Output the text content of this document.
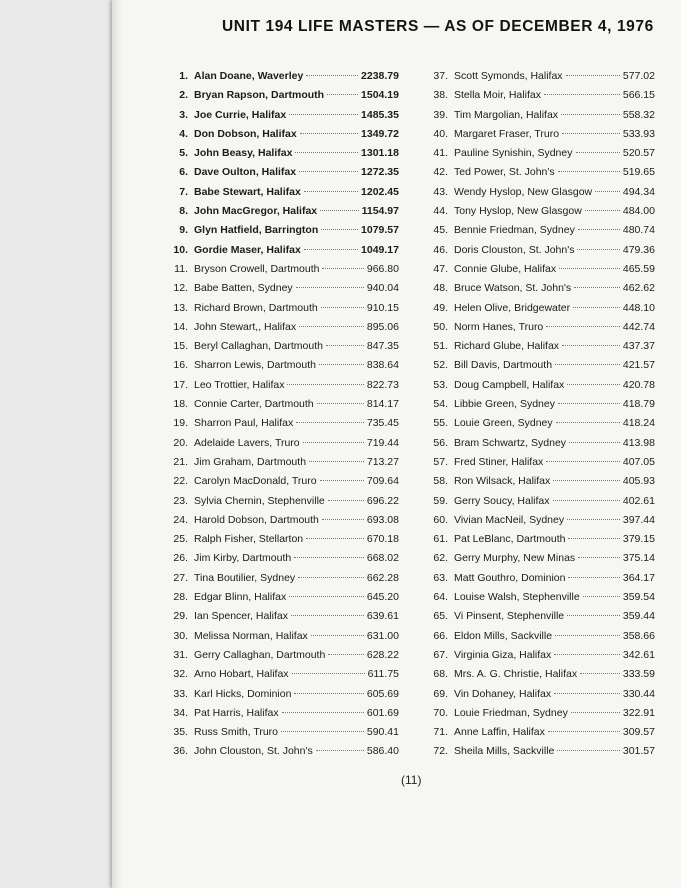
UNIT 194 LIFE MASTERS — AS OF DECEMBER 4, 1976
1. Alan Doane, Waverley	2238.79
2. Bryan Rapson, Dartmouth	1504.19
3. Joe Currie, Halifax	1485.35
4. Don Dobson, Halifax	1349.72
5. John Beasy, Halifax	1301.18
6. Dave Oulton, Halifax	1272.35
7. Babe Stewart, Halifax	1202.45
8. John MacGregor, Halifax	1154.97
9. Glyn Hatfield, Barrington	1079.57
10. Gordie Maser, Halifax	1049.17
11. Bryson Crowell, Dartmouth	966.80
12. Babe Batten, Sydney	940.04
13. Richard Brown, Dartmouth	910.15
14. John Stewart,, Halifax	895.06
15. Beryl Callaghan, Dartmouth	847.35
16. Sharron Lewis, Dartmouth	838.64
17. Leo Trottier, Halifax	822.73
18. Connie Carter, Dartmouth	814.17
19. Sharron Paul, Halifax	735.45
20. Adelaide Lavers, Truro	719.44
21. Jim Graham, Dartmouth	713.27
22. Carolyn MacDonald, Truro	709.64
23. Sylvia Chernin, Stephenville	696.22
24. Harold Dobson, Dartmouth	693.08
25. Ralph Fisher, Stellarton	670.18
26. Jim Kirby, Dartmouth	668.02
27. Tina Boutilier, Sydney	662.28
28. Edgar Blinn, Halifax	645.20
29. Ian Spencer, Halifax	639.61
30. Melissa Norman, Halifax	631.00
31. Gerry Callaghan, Dartmouth	628.22
32. Arno Hobart, Halifax	611.75
33. Karl Hicks, Dominion	605.69
34. Pat Harris, Halifax	601.69
35. Russ Smith, Truro	590.41
36. John Clouston, St. John's	586.40
37. Scott Symonds, Halifax	577.02
38. Stella Moir, Halifax	566.15
39. Tim Margolian, Halifax	558.32
40. Margaret Fraser, Truro	533.93
41. Pauline Synishin, Sydney	520.57
42. Ted Power, St. John's	519.65
43. Wendy Hyslop, New Glasgow	494.34
44. Tony Hyslop, New Glasgow	484.00
45. Bennie Friedman, Sydney	480.74
46. Doris Clouston, St. John's	479.36
47. Connie Glube, Halifax	465.59
48. Bruce Watson, St. John's	462.62
49. Helen Olive, Bridgewater	448.10
50. Norm Hanes, Truro	442.74
51. Richard Glube, Halifax	437.37
52. Bill Davis, Dartmouth	421.57
53. Doug Campbell, Halifax	420.78
54. Libbie Green, Sydney	418.79
55. Louie Green, Sydney	418.24
56. Bram Schwartz, Sydney	413.98
57. Fred Stiner, Halifax	407.05
58. Ron Wilsack, Halifax	405.93
59. Gerry Soucy, Halifax	402.61
60. Vivian MacNeil, Sydney	397.44
61. Pat LeBlanc, Dartmouth	379.15
62. Gerry Murphy, New Minas	375.14
63. Matt Gouthro, Dominion	364.17
64. Louise Walsh, Stephenville	359.54
65. Vi Pinsent, Stephenville	359.44
66. Eldon Mills, Sackville	358.66
67. Virginia Giza, Halifax	342.61
68. Mrs. A. G. Christie, Halifax	333.59
69. Vin Dohaney, Halifax	330.44
70. Louie Friedman, Sydney	322.91
71. Anne Laffin, Halifax	309.57
72. Sheila Mills, Sackville	301.57
(11)
